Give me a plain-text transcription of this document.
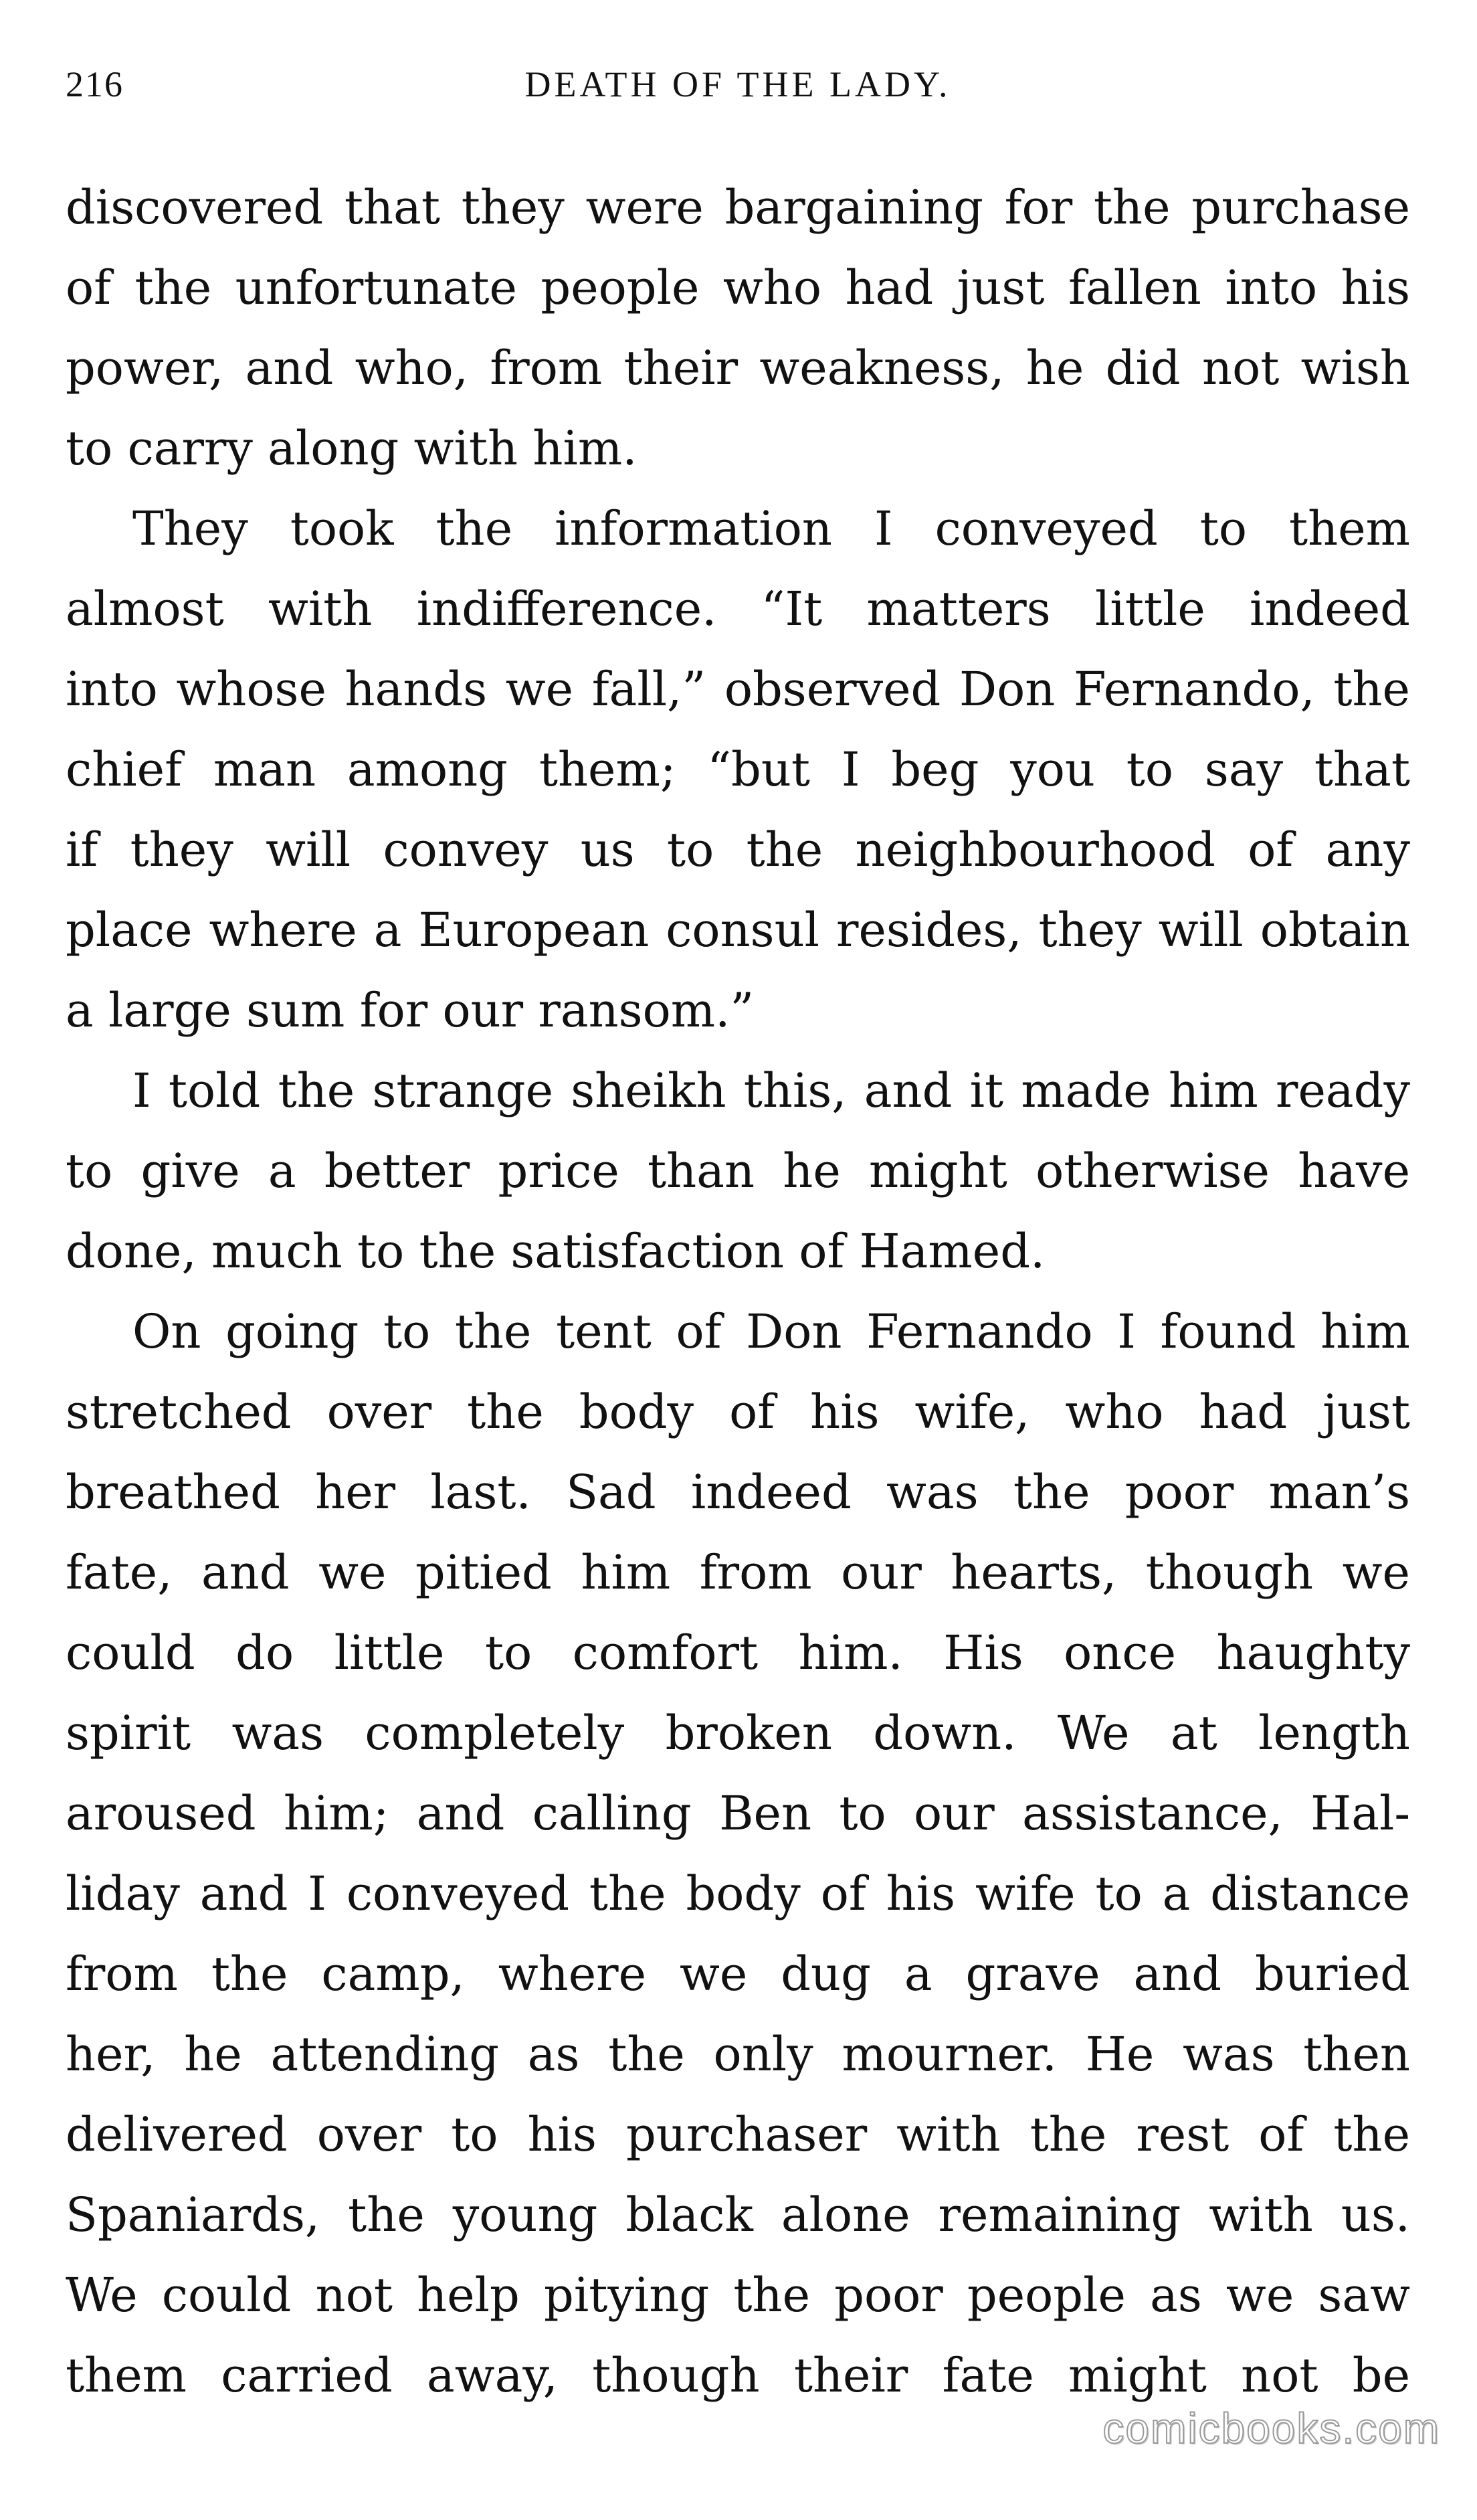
216	DEATH OF THE LADY.
discovered that they were bargaining for the purchase
of the unfortunate people who had just fallen into his
power, and who, from their weakness, he did not wish
to carry along with him.
They took the information I conveyed to them
almost with indifference. “It matters little indeed
into whose hands we fall,” observed Don Fernando, the
chief man among them; “but I beg you to say that
if they will convey us to the neighbourhood of any
place where a European consul resides, they will obtain
a large sum for our ransom.”
I told the strange sheikh this, and it made him ready
to give a better price than he might otherwise have
done, much to the satisfaction of Hamed.
On going to the tent of Don Fernando I found him
stretched over the body of his wife, who had just
breathed her last. Sad indeed was the poor man’s
fate, and we pitied him from our hearts, though we
could do little to comfort him. His once haughty
spirit was completely broken down. We at length
aroused him; and calling Ben to our assistance, Hal-
liday and I conveyed the body of his wife to a distance
from the camp, where we dug a grave and buried
her, he attending as the only mourner. He was then
delivered over to his purchaser with the rest of the
Spaniards, the young black alone remaining with us.
We could not help pitying the poor people as we saw
them carried away, though their fate might not be
comicbooks.com
